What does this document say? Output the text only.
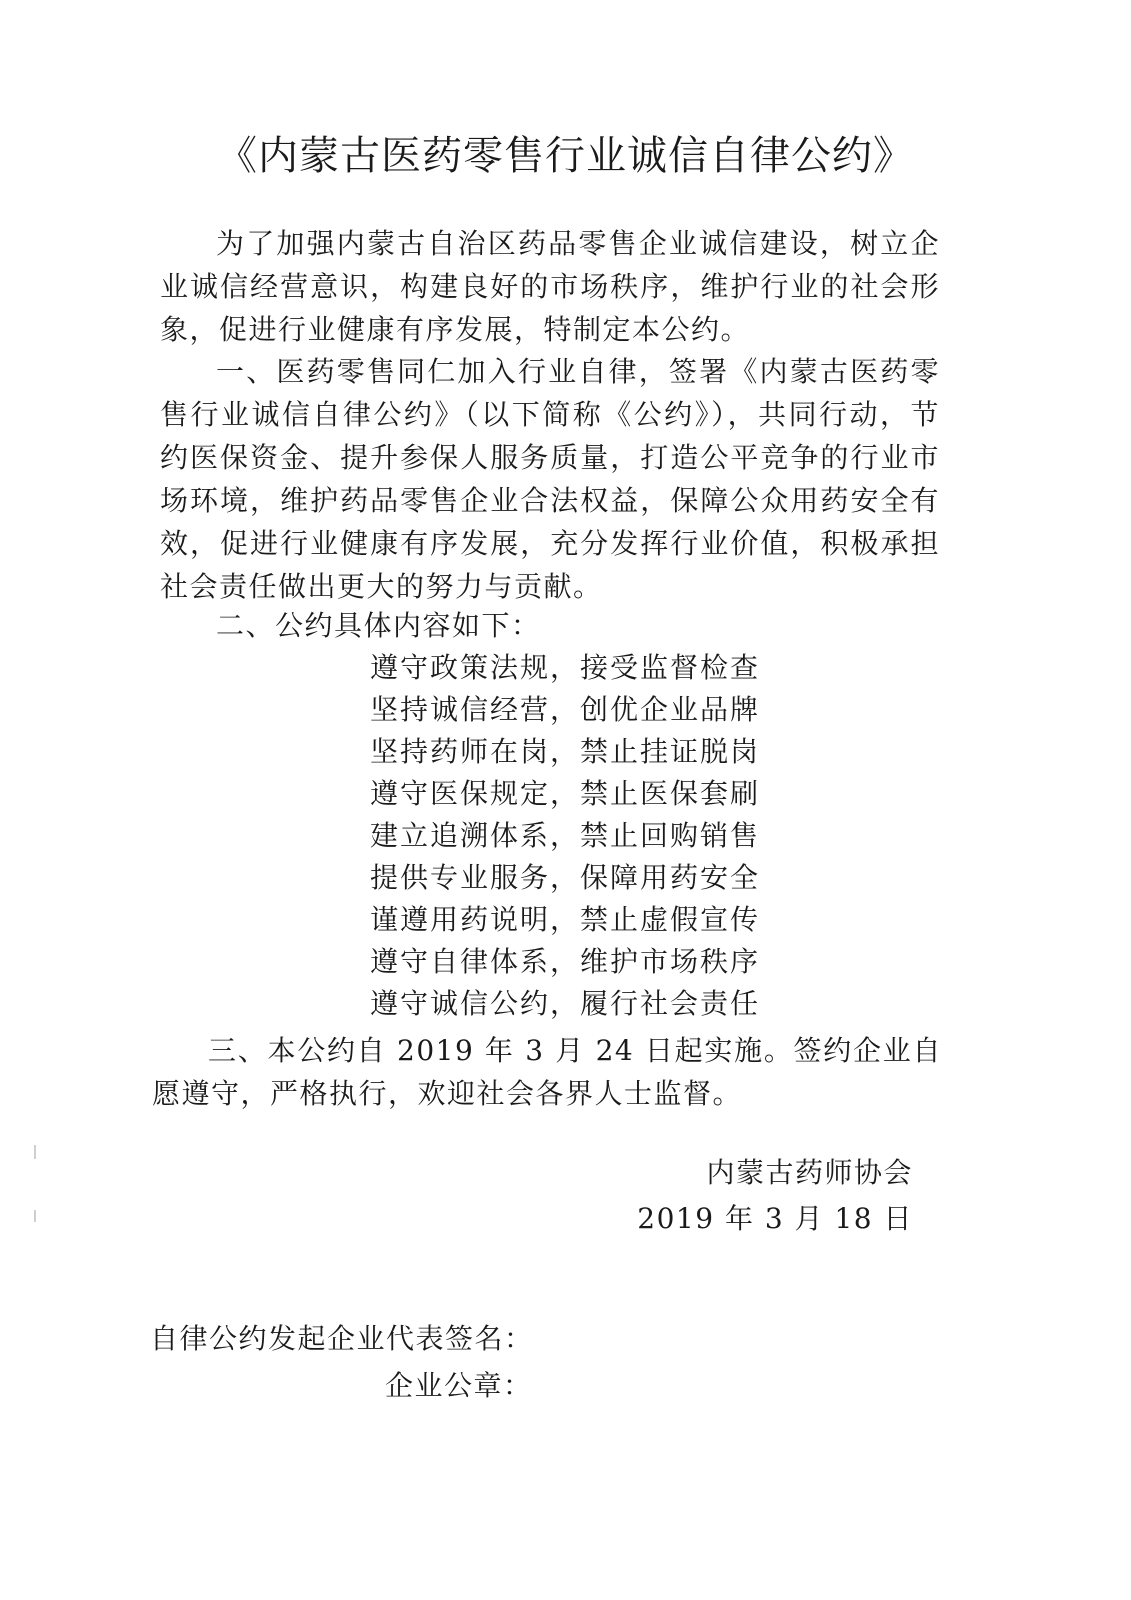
《内蒙古医药零售行业诚信自律公约》

为了加强内蒙古自治区药品零售企业诚信建设，树立企业诚信经营意识，构建良好的市场秩序，维护行业的社会形象，促进行业健康有序发展，特制定本公约。

一、医药零售同仁加入行业自律，签署《内蒙古医药零售行业诚信自律公约》（以下简称《公约》），共同行动，节约医保资金、提升参保人服务质量，打造公平竞争的行业市场环境，维护药品零售企业合法权益，保障公众用药安全有效，促进行业健康有序发展，充分发挥行业价值，积极承担社会责任做出更大的努力与贡献。

二、公约具体内容如下：

遵守政策法规，接受监督检查
坚持诚信经营，创优企业品牌
坚持药师在岗，禁止挂证脱岗
遵守医保规定，禁止医保套刷
建立追溯体系，禁止回购销售
提供专业服务，保障用药安全
谨遵用药说明，禁止虚假宣传
遵守自律体系，维护市场秩序
遵守诚信公约，履行社会责任

三、本公约自 2019 年 3 月 24 日起实施。签约企业自愿遵守，严格执行，欢迎社会各界人士监督。

内蒙古药师协会
2019 年 3 月 18 日
自律公约发起企业代表签名：
企业公章：
